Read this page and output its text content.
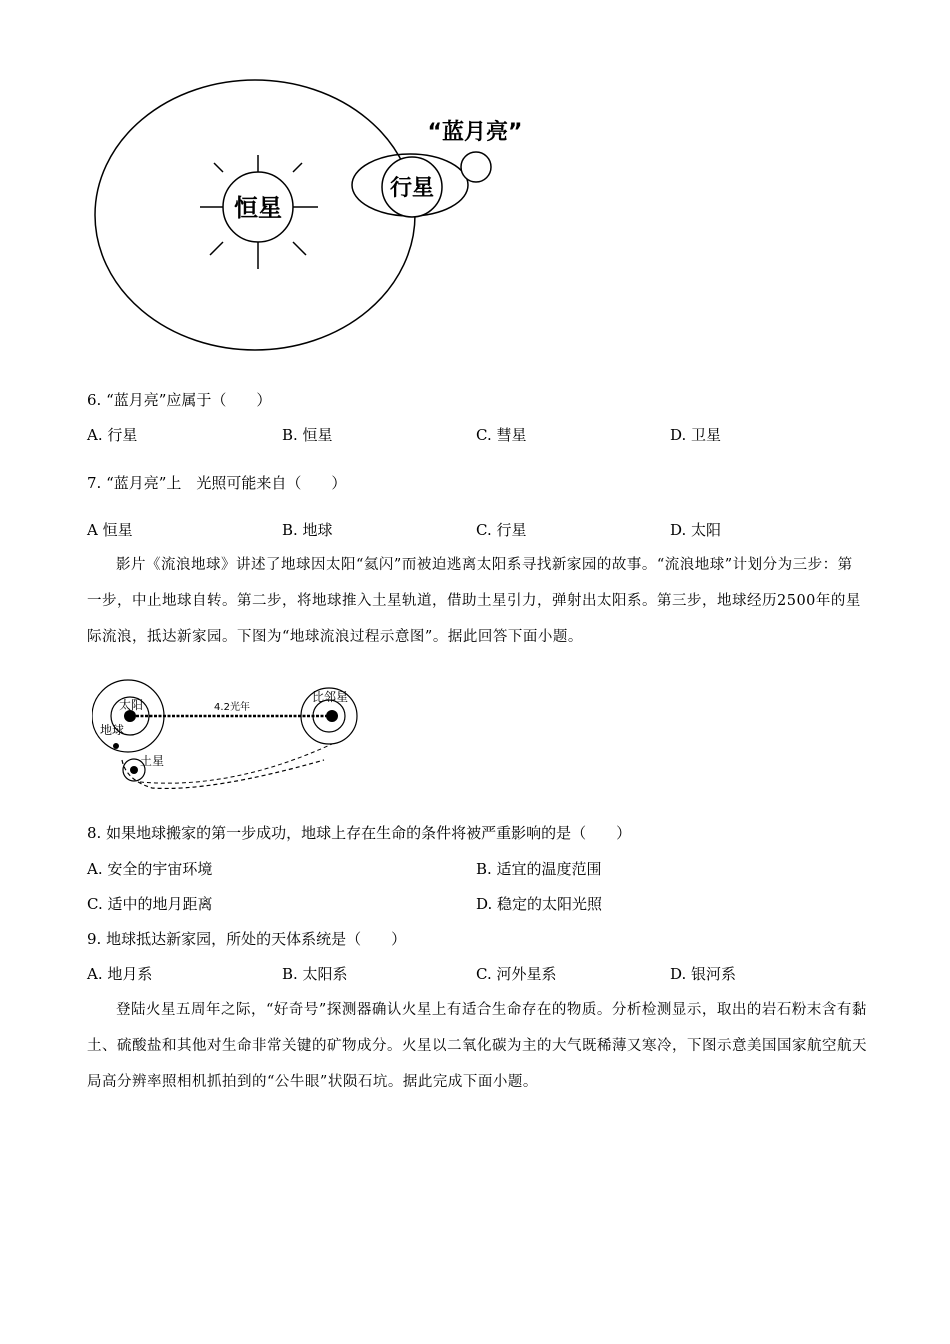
恒星
行星
“蓝月亮”
6. “蓝月亮”应属于（　　）
A. 行星	B. 恒星	C. 彗星	D. 卫星
7. “蓝月亮”上　光照可能来自（　　）
A 恒星	B. 地球	C. 行星	D. 太阳
影片《流浪地球》讲述了地球因太阳“氦闪”而被迫逃离太阳系寻找新家园的故事。“流浪地球”计划分为三步：第一步，中止地球自转。第二步，将地球推入土星轨道，借助土星引力，弹射出太阳系。第三步，地球经历2500年的星际流浪，抵达新家园。下图为“地球流浪过程示意图”。据此回答下面小题。
太阳
地球
土星
4.2光年
比邻星
8. 如果地球搬家的第一步成功，地球上存在生命的条件将被严重影响的是（　　）
A. 安全的宇宙环境	B. 适宜的温度范围
C. 适中的地月距离	D. 稳定的太阳光照
9. 地球抵达新家园，所处的天体系统是（　　）
A. 地月系	B. 太阳系	C. 河外星系	D. 银河系
登陆火星五周年之际，“好奇号”探测器确认火星上有适合生命存在的物质。分析检测显示，取出的岩石粉末含有黏土、硫酸盐和其他对生命非常关键的矿物成分。火星以二氧化碳为主的大气既稀薄又寒冷，下图示意美国国家航空航天局高分辨率照相机抓拍到的“公牛眼”状陨石坑。据此完成下面小题。
